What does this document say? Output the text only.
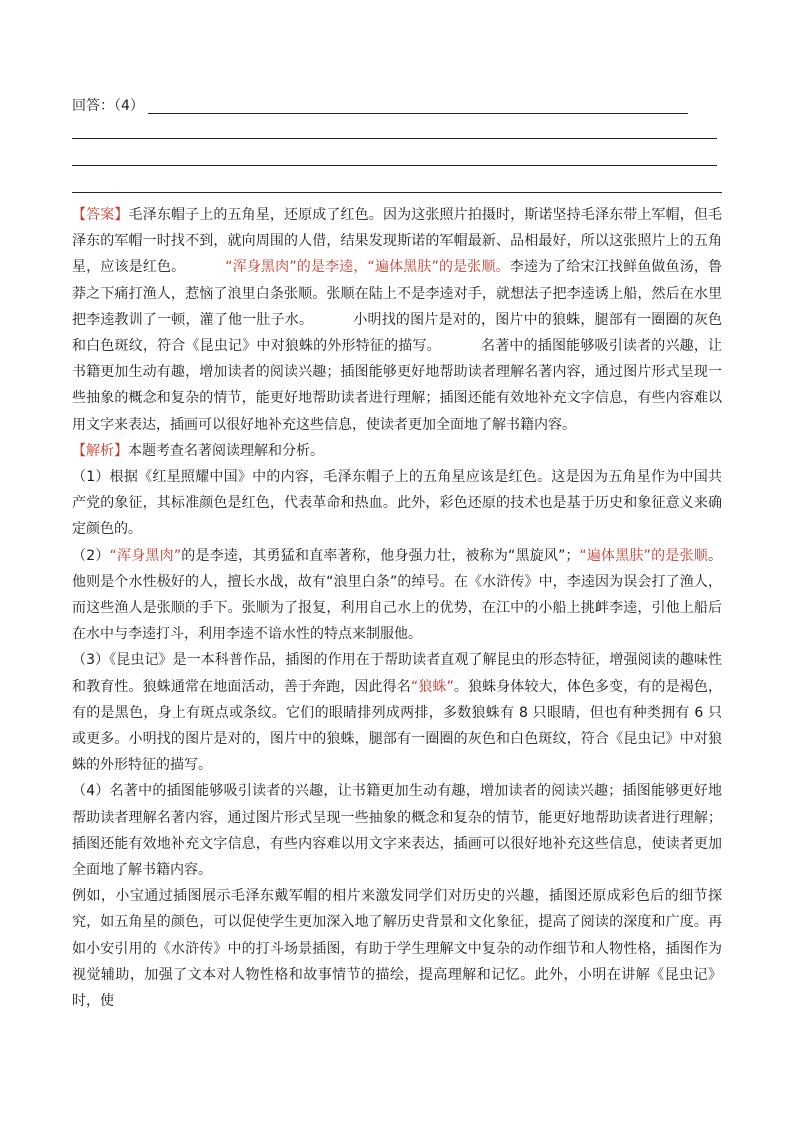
回答：（4）

【答案】毛泽东帽子上的五角星，还原成了红色。因为这张照片拍摄时，斯诺坚持毛泽东带上军帽，但毛泽东的军帽一时找不到，就向周围的人借，结果发现斯诺的军帽最新、品相最好，所以这张照片上的五角星，应该是红色。	“浑身黑肉”的是李逵，“遍体黑肤”的是张顺。李逵为了给宋江找鲜鱼做鱼汤，鲁莽之下痛打渔人，惹恼了浪里白条张顺。张顺在陆上不是李逵对手，就想法子把李逵诱上船，然后在水里把李逵教训了一顿，灌了他一肚子水。	小明找的图片是对的，图片中的狼蛛，腿部有一圈圈的灰色和白色斑纹，符合《昆虫记》中对狼蛛的外形特征的描写。	名著中的插图能够吸引读者的兴趣，让书籍更加生动有趣，增加读者的阅读兴趣；插图能够更好地帮助读者理解名著内容，通过图片形式呈现一些抽象的概念和复杂的情节，能更好地帮助读者进行理解；插图还能有效地补充文字信息，有些内容难以用文字来表达，插画可以很好地补充这些信息，使读者更加全面地了解书籍内容。

【解析】本题考查名著阅读理解和分析。

（1）根据《红星照耀中国》中的内容，毛泽东帽子上的五角星应该是红色。这是因为五角星作为中国共产党的象征，其标准颜色是红色，代表革命和热血。此外，彩色还原的技术也是基于历史和象征意义来确定颜色的。

（2）“浑身黑肉”的是李逵，其勇猛和直率著称，他身强力壮，被称为“黑旋风”；“遍体黑肤”的是张顺。他则是个水性极好的人，擅长水战，故有“浪里白条”的绰号。在《水浒传》中，李逵因为误会打了渔人，而这些渔人是张顺的手下。张顺为了报复，利用自己水上的优势，在江中的小船上挑衅李逵，引他上船后在水中与李逵打斗，利用李逵不谙水性的特点来制服他。

（3）《昆虫记》是一本科普作品，插图的作用在于帮助读者直观了解昆虫的形态特征，增强阅读的趣味性和教育性。狼蛛通常在地面活动，善于奔跑，因此得名“狼蛛”。狼蛛身体较大，体色多变，有的是褐色，有的是黑色，身上有斑点或条纹。它们的眼睛排列成两排，多数狼蛛有 8 只眼睛，但也有种类拥有 6 只或更多。小明找的图片是对的，图片中的狼蛛，腿部有一圈圈的灰色和白色斑纹，符合《昆虫记》中对狼蛛的外形特征的描写。

（4）名著中的插图能够吸引读者的兴趣，让书籍更加生动有趣，增加读者的阅读兴趣；插图能够更好地帮助读者理解名著内容，通过图片形式呈现一些抽象的概念和复杂的情节，能更好地帮助读者进行理解；插图还能有效地补充文字信息，有些内容难以用文字来表达，插画可以很好地补充这些信息，使读者更加全面地了解书籍内容。

例如，小宝通过插图展示毛泽东戴军帽的相片来激发同学们对历史的兴趣，插图还原成彩色后的细节探究，如五角星的颜色，可以促使学生更加深入地了解历史背景和文化象征，提高了阅读的深度和广度。再如小安引用的《水浒传》中的打斗场景插图，有助于学生理解文中复杂的动作细节和人物性格，插图作为视觉辅助，加强了文本对人物性格和故事情节的描绘，提高理解和记忆。此外，小明在讲解《昆虫记》时，使
